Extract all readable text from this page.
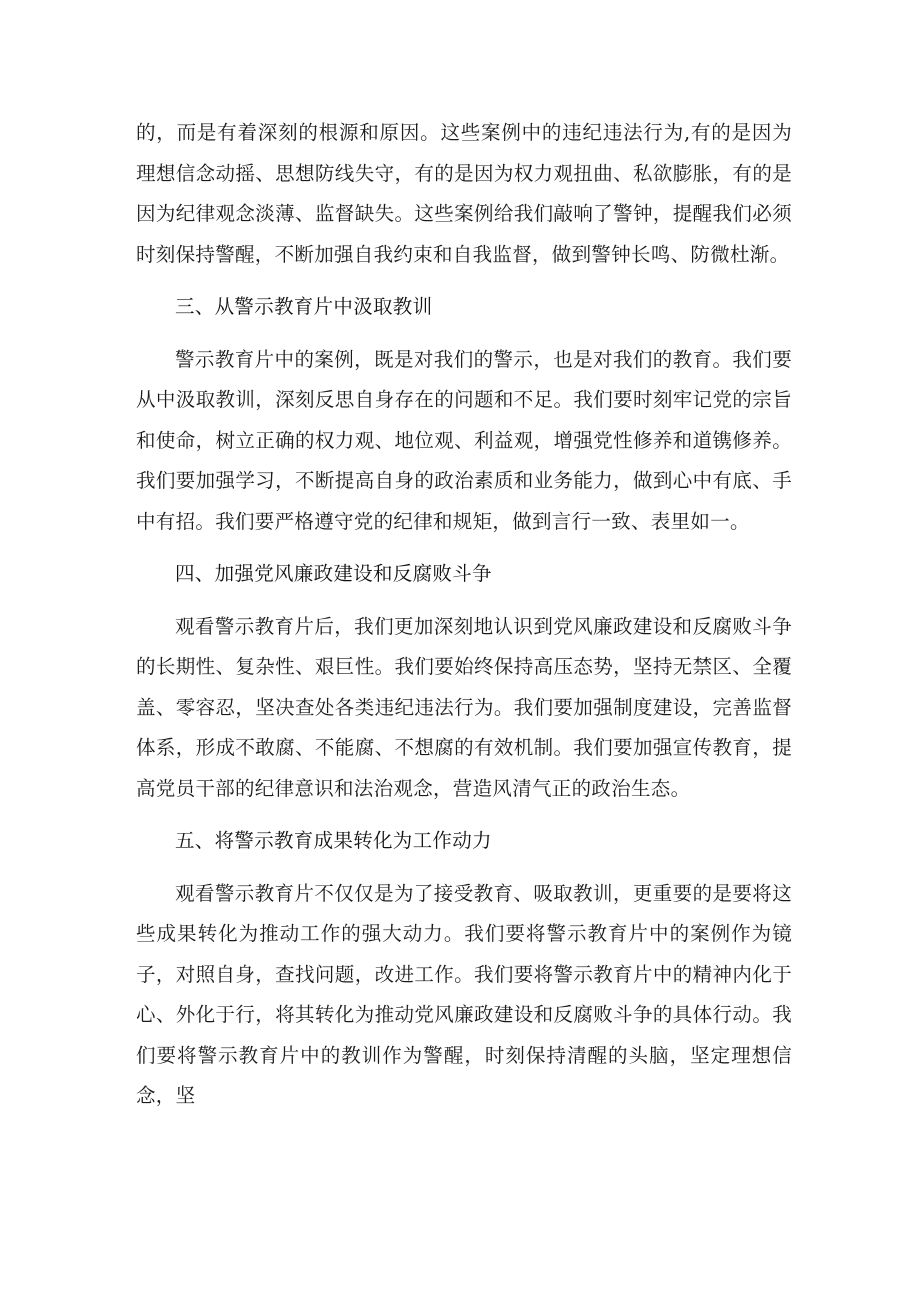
的，而是有着深刻的根源和原因。这些案例中的违纪违法行为,有的是因为理想信念动摇、思想防线失守，有的是因为权力观扭曲、私欲膨胀，有的是因为纪律观念淡薄、监督缺失。这些案例给我们敲响了警钟，提醒我们必须时刻保持警醒，不断加强自我约束和自我监督，做到警钟长鸣、防微杜渐。

三、从警示教育片中汲取教训

警示教育片中的案例，既是对我们的警示，也是对我们的教育。我们要从中汲取教训，深刻反思自身存在的问题和不足。我们要时刻牢记党的宗旨和使命，树立正确的权力观、地位观、利益观，增强党性修养和道镌修养。我们要加强学习，不断提高自身的政治素质和业务能力，做到心中有底、手中有招。我们要严格遵守党的纪律和规矩，做到言行一致、表里如一。

四、加强党风廉政建设和反腐败斗争

观看警示教育片后，我们更加深刻地认识到党风廉政建设和反腐败斗争的长期性、复杂性、艰巨性。我们要始终保持高压态势，坚持无禁区、全覆盖、零容忍，坚决查处各类违纪违法行为。我们要加强制度建设，完善监督体系，形成不敢腐、不能腐、不想腐的有效机制。我们要加强宣传教育，提高党员干部的纪律意识和法治观念，营造风清气正的政治生态。

五、将警示教育成果转化为工作动力

观看警示教育片不仅仅是为了接受教育、吸取教训，更重要的是要将这些成果转化为推动工作的强大动力。我们要将警示教育片中的案例作为镜子，对照自身，查找问题，改进工作。我们要将警示教育片中的精神内化于心、外化于行，将其转化为推动党风廉政建设和反腐败斗争的具体行动。我们要将警示教育片中的教训作为警醒，时刻保持清醒的头脑，坚定理想信念，坚
